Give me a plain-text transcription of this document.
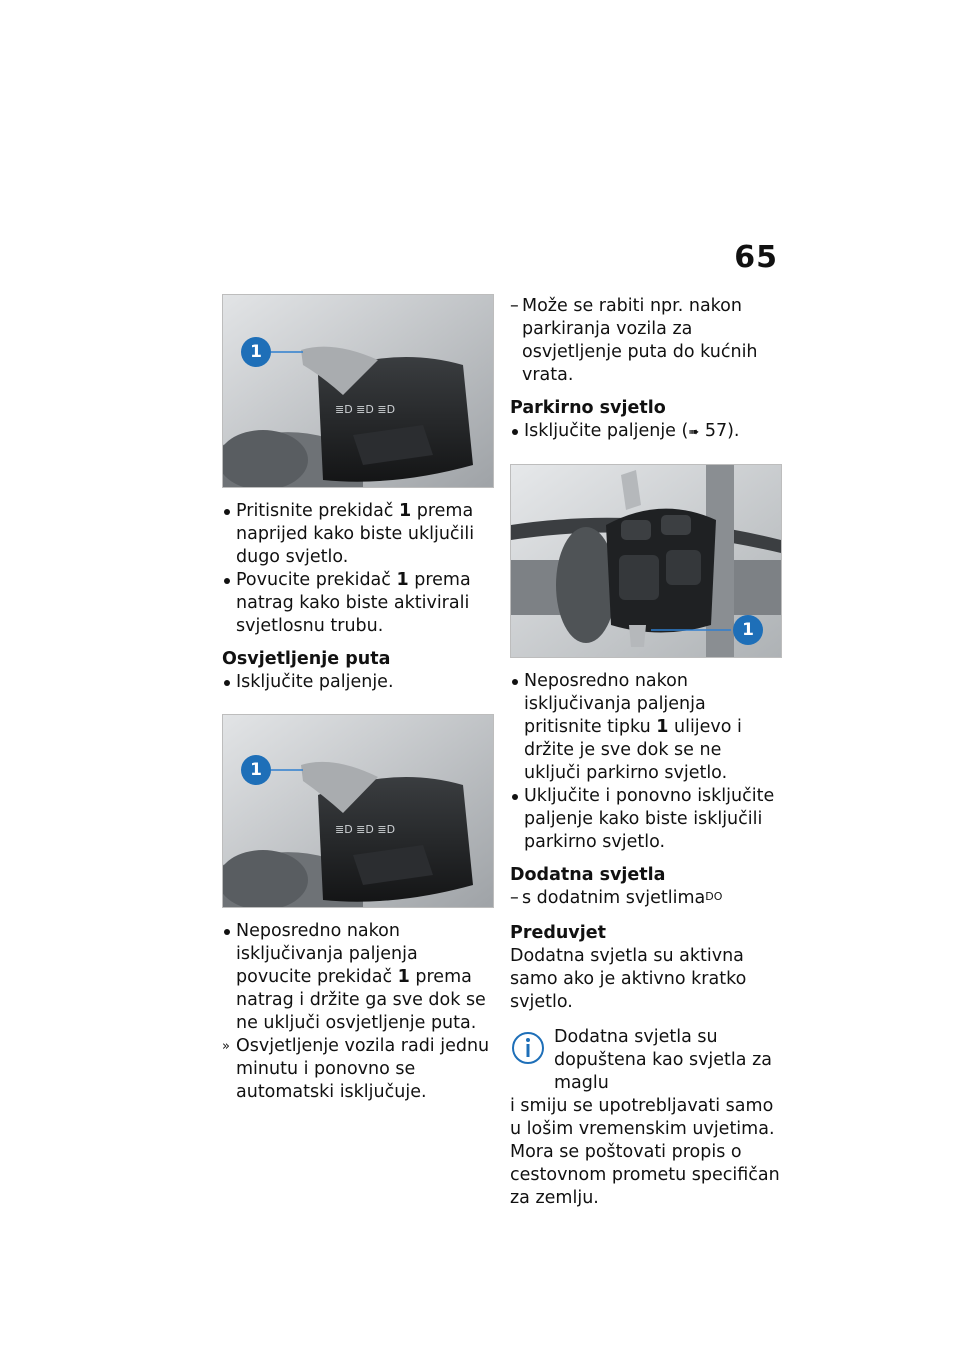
65
≣D ≣D ≣D
1
Pritisnite prekidač 1 prema naprijed kako biste uključili dugo svjetlo.
Povucite prekidač 1 prema natrag kako biste aktivirali svjetlosnu trubu.
Osvjetljenje puta
Isključite paljenje.
≣D ≣D ≣D
1
Neposredno nakon isključivanja paljenja povucite prekidač 1 prema natrag i držite ga sve dok se ne uključi osvjetljenje puta.
» Osvjetljenje vozila radi jednu minutu i ponovno se automatski isključuje.
– Može se rabiti npr. nakon parkiranja vozila za osvjetljenje puta do kućnih vrata.
Parkirno svjetlo
Isključite paljenje (➠ 57).
1
Neposredno nakon isključivanja paljenja pritisnite tipku 1 ulijevo i držite je sve dok se ne uključi parkirno svjetlo.
Uključite i ponovno isključite paljenje kako biste isključili parkirno svjetlo.
Dodatna svjetla
– s dodatnim svjetlima$^{DO}$
Preduvjet
Dodatna svjetla su aktivna samo ako je aktivno kratko svjetlo.
Dodatna svjetla su dopuštena kao svjetla za maglu
i smiju se upotrebljavati samo u lošim vremenskim uvjetima. Mora se poštovati propis o cestovnom prometu specifičan za zemlju.
